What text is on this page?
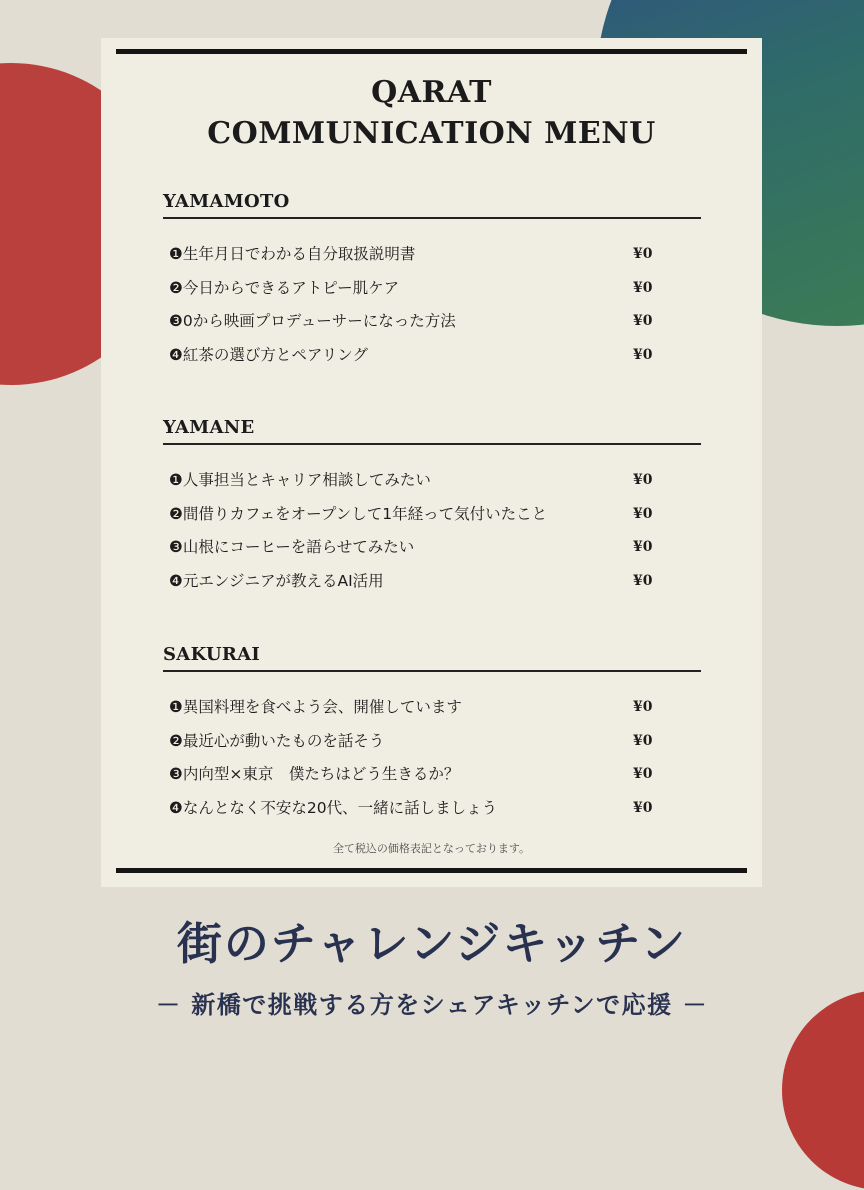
QARAT
COMMUNICATION MENU
YAMAMOTO
❶生年月日でわかる自分取扱説明書	¥0
❷今日からできるアトピー肌ケア	¥0
❸0から映画プロデューサーになった方法	¥0
❹紅茶の選び方とペアリング	¥0
YAMANE
❶人事担当とキャリア相談してみたい	¥0
❷間借りカフェをオープンして1年経って気付いたこと	¥0
❸山根にコーヒーを語らせてみたい	¥0
❹元エンジニアが教えるAI活用	¥0
SAKURAI
❶異国料理を食べよう会、開催しています	¥0
❷最近心が動いたものを話そう	¥0
❸内向型×東京　僕たちはどう生きるか？	¥0
❹なんとなく不安な20代、一緒に話しましょう	¥0
全て税込の価格表記となっております。
街のチャレンジキッチン
－ 新橋で挑戦する方をシェアキッチンで応援 －
